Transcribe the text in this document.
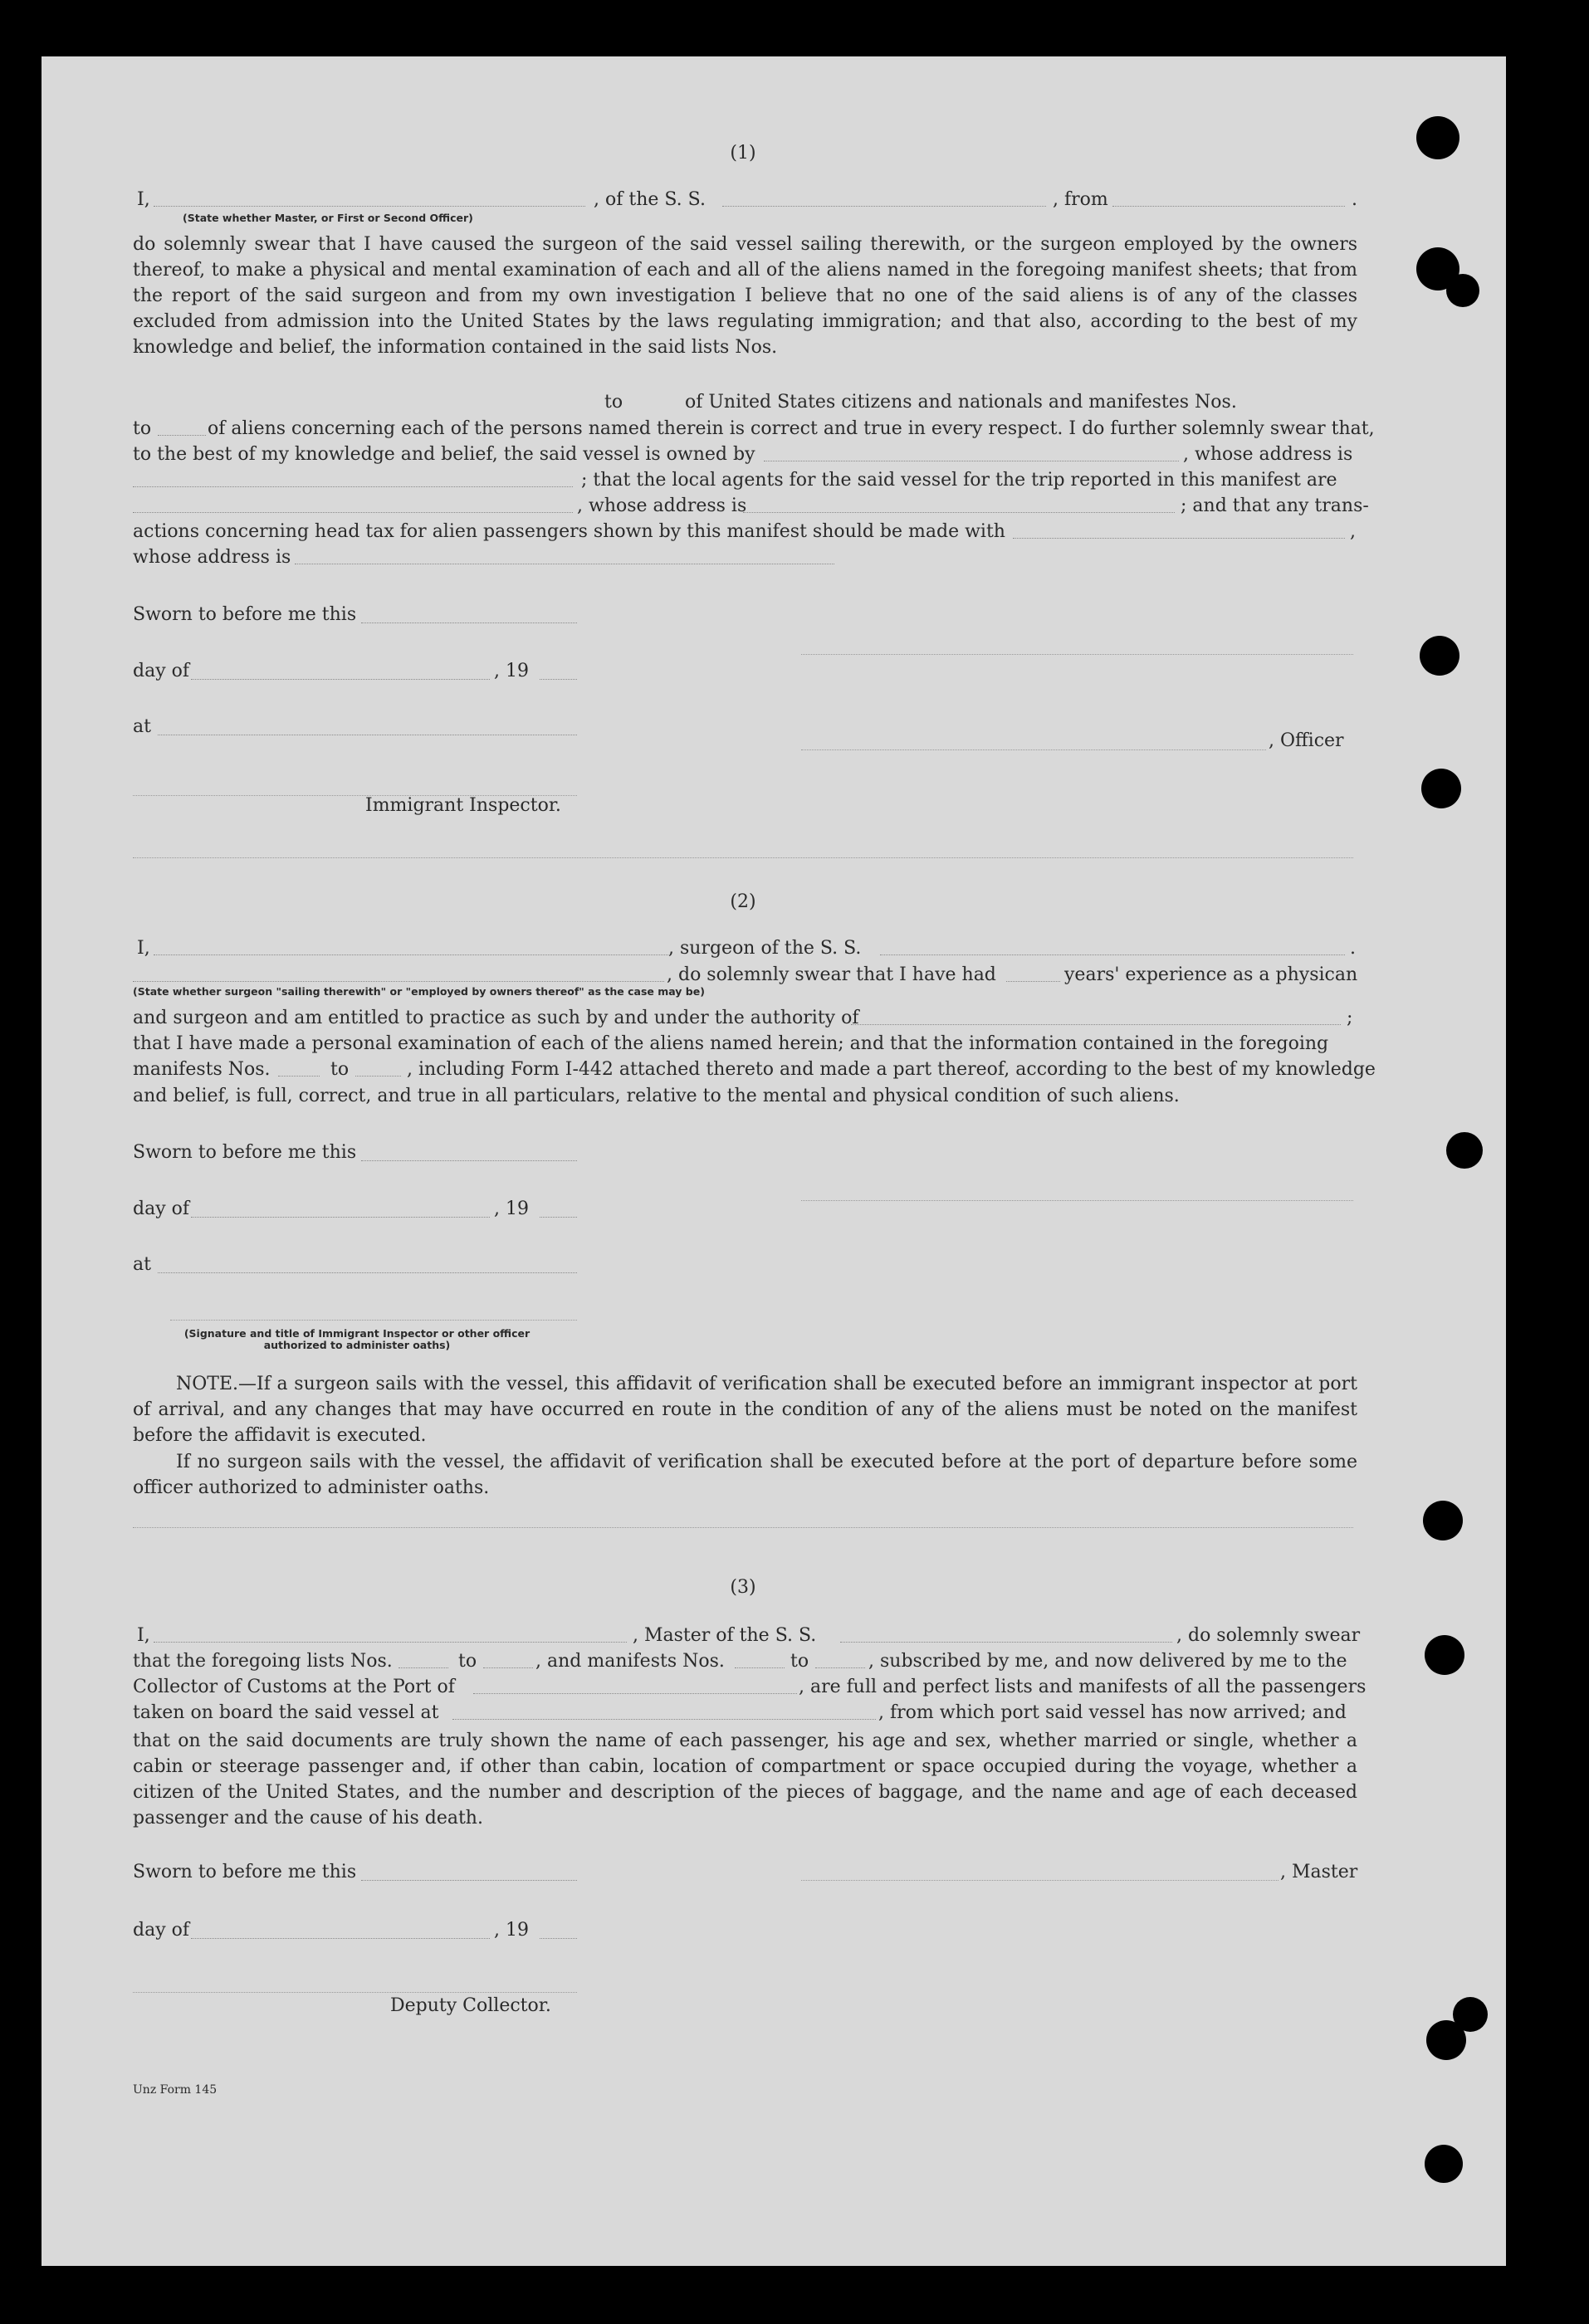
(1)
I,	, of the S. S.	, from	.
(State whether Master, or First or Second Officer)
do solemnly swear that I have caused the surgeon of the said vessel sailing therewith, or the surgeon employed by the owners thereof, to make a physical and mental examination of each and all of the aliens named in the foregoing manifest sheets; that from the report of the said surgeon and from my own investigation I believe that no one of the said aliens is of any of the classes excluded from admission into the United States by the laws regulating immigration; and that also, according to the best of my knowledge and belief, the information contained in the said lists Nos.
to	of United States citizens and nationals and manifestes Nos.
to	of aliens concerning each of the persons named therein is correct and true in every respect. I do further solemnly swear that,
to the best of my knowledge and belief, the said vessel is owned by	, whose address is
; that the local agents for the said vessel for the trip reported in this manifest are
, whose address is	; and that any trans-
actions concerning head tax for alien passengers shown by this manifest should be made with	,
whose address is
Sworn to before me this
day of	, 19
at
, Officer
Immigrant Inspector.
(2)
I,	, surgeon of the S. S.	.
, do solemnly swear that I have had	years' experience as a physican
(State whether surgeon "sailing therewith" or "employed by owners thereof" as the case may be)
and surgeon and am entitled to practice as such by and under the authority of	;
that I have made a personal examination of each of the aliens named herein; and that the information contained in the foregoing
manifests Nos.	to	, including Form I-442 attached thereto and made a part thereof, according to the best of my knowledge
and belief, is full, correct, and true in all particulars, relative to the mental and physical condition of such aliens.
Sworn to before me this
day of	, 19
at
(Signature and title of Immigrant Inspector or other officer authorized to administer oaths)
NOTE.—If a surgeon sails with the vessel, this affidavit of verification shall be executed before an immigrant inspector at port of arrival, and any changes that may have occurred en route in the condition of any of the aliens must be noted on the manifest before the affidavit is executed.
If no surgeon sails with the vessel, the affidavit of verification shall be executed before at the port of departure before some officer authorized to administer oaths.
(3)
I,	, Master of the S. S.	, do solemnly swear
that the foregoing lists Nos.	to	, and manifests Nos.	to	, subscribed by me, and now delivered by me to the
Collector of Customs at the Port of	, are full and perfect lists and manifests of all the passengers
taken on board the said vessel at	, from which port said vessel has now arrived; and
that on the said documents are truly shown the name of each passenger, his age and sex, whether married or single, whether a cabin or steerage passenger and, if other than cabin, location of compartment or space occupied during the voyage, whether a citizen of the United States, and the number and description of the pieces of baggage, and the name and age of each deceased passenger and the cause of his death.
Sworn to before me this	, Master
day of	, 19
Deputy Collector.
Unz Form 145
